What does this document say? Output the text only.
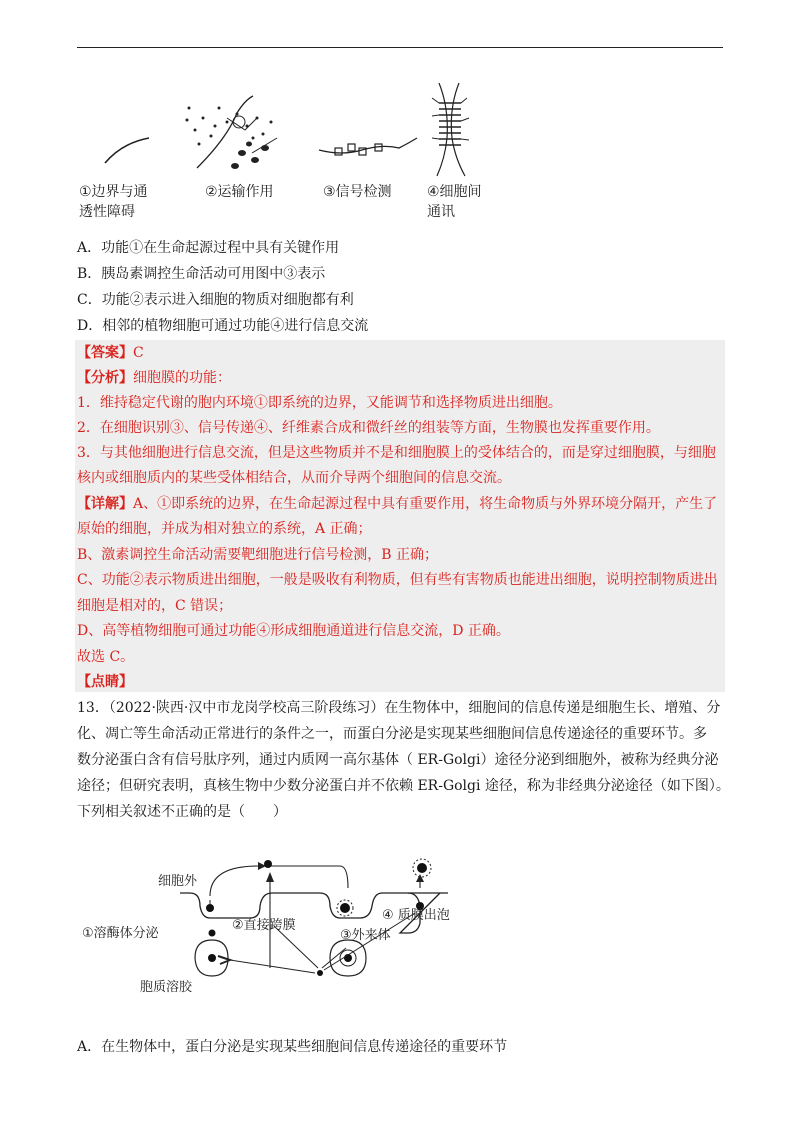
①边界与通
透性障碍
②运输作用	③信号检测	④细胞间
通讯
A．功能①在生命起源过程中具有关键作用
B．胰岛素调控生命活动可用图中③表示
C．功能②表示进入细胞的物质对细胞都有利
D．相邻的植物细胞可通过功能④进行信息交流
【答案】C
【分析】细胞膜的功能：
1．维持稳定代谢的胞内环境①即系统的边界，又能调节和选择物质进出细胞。
2．在细胞识别③、信号传递④、纤维素合成和微纤丝的组装等方面，生物膜也发挥重要作用。
3．与其他细胞进行信息交流，但是这些物质并不是和细胞膜上的受体结合的，而是穿过细胞膜，与细胞
核内或细胞质内的某些受体相结合，从而介导两个细胞间的信息交流。
【详解】A、①即系统的边界，在生命起源过程中具有重要作用，将生命物质与外界环境分隔开，产生了
原始的细胞，并成为相对独立的系统，A 正确；
B、激素调控生命活动需要靶细胞进行信号检测，B 正确；
C、功能②表示物质进出细胞，一般是吸收有利物质，但有些有害物质也能进出细胞，说明控制物质进出
细胞是相对的，C 错误；
D、高等植物细胞可通过功能④形成细胞通道进行信息交流，D 正确。
故选 C。
【点睛】
13．（2022·陕西·汉中市龙岗学校高三阶段练习）在生物体中，细胞间的信息传递是细胞生长、增殖、分
化、凋亡等生命活动正常进行的条件之一，而蛋白分泌是实现某些细胞间信息传递途径的重要环节。多
数分泌蛋白含有信号肽序列，通过内质网一高尔基体（ ER-Golgi）途径分泌到细胞外，被称为经典分泌
途径；但研究表明，真核生物中少数分泌蛋白并不依赖 ER-Golgi 途径，称为非经典分泌途径（如下图）。
下列相关叙述不正确的是（　　）
细胞外
①溶酶体分泌
②直接跨膜
③外来体
④ 质膜出泡
胞质溶胶
A．在生物体中，蛋白分泌是实现某些细胞间信息传递途径的重要环节
